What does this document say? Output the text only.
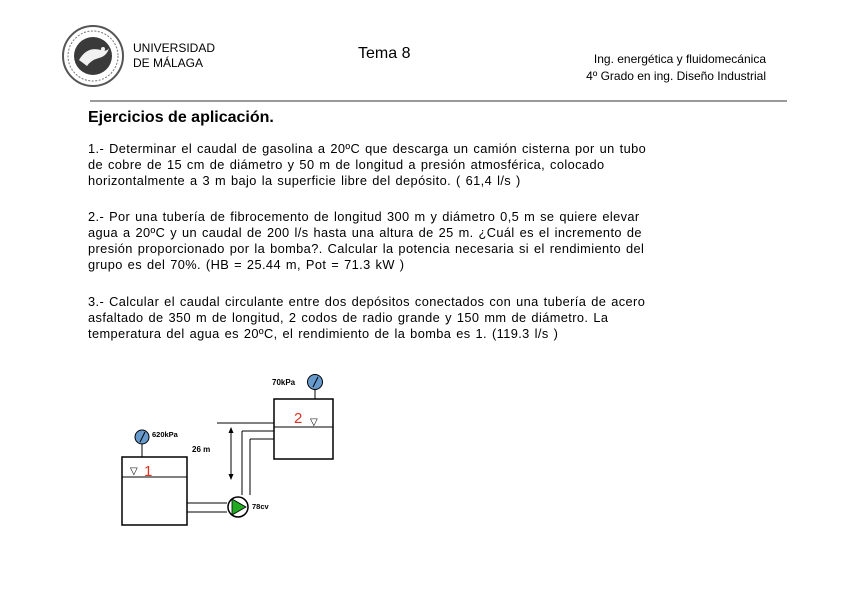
UNIVERSIDAD
DE MÁLAGA
Tema 8	Ing. energética y fluidomecánica
4º Grado en ing. Diseño Industrial
Ejercicios de aplicación.
1.- Determinar el caudal de gasolina a 20ºC que descarga un camión cisterna por un tubo
de cobre de 15 cm de diámetro y 50 m de longitud a presión atmosférica, colocado
horizontalmente a 3 m bajo la superficie libre del depósito. ( 61,4 l/s )
2.- Por una tubería de fibrocemento de longitud 300 m y diámetro 0,5 m se quiere elevar
agua a 20ºC y un caudal de 200 l/s hasta una altura de 25 m. ¿Cuál es el incremento de
presión proporcionado por la bomba?. Calcular la potencia necesaria si el rendimiento del
grupo es del 70%. (HB = 25.44 m, Pot = 71.3 kW )
3.- Calcular el caudal circulante entre dos depósitos conectados con una tubería de acero
asfaltado de 350 m de longitud, 2 codos de radio grande y 150 mm de diámetro. La
temperatura del agua es 20ºC, el rendimiento de la bomba es 1. (119.3 l/s )
2 ▽
70kPa
▽ 1
620kPa
26 m
78cv
